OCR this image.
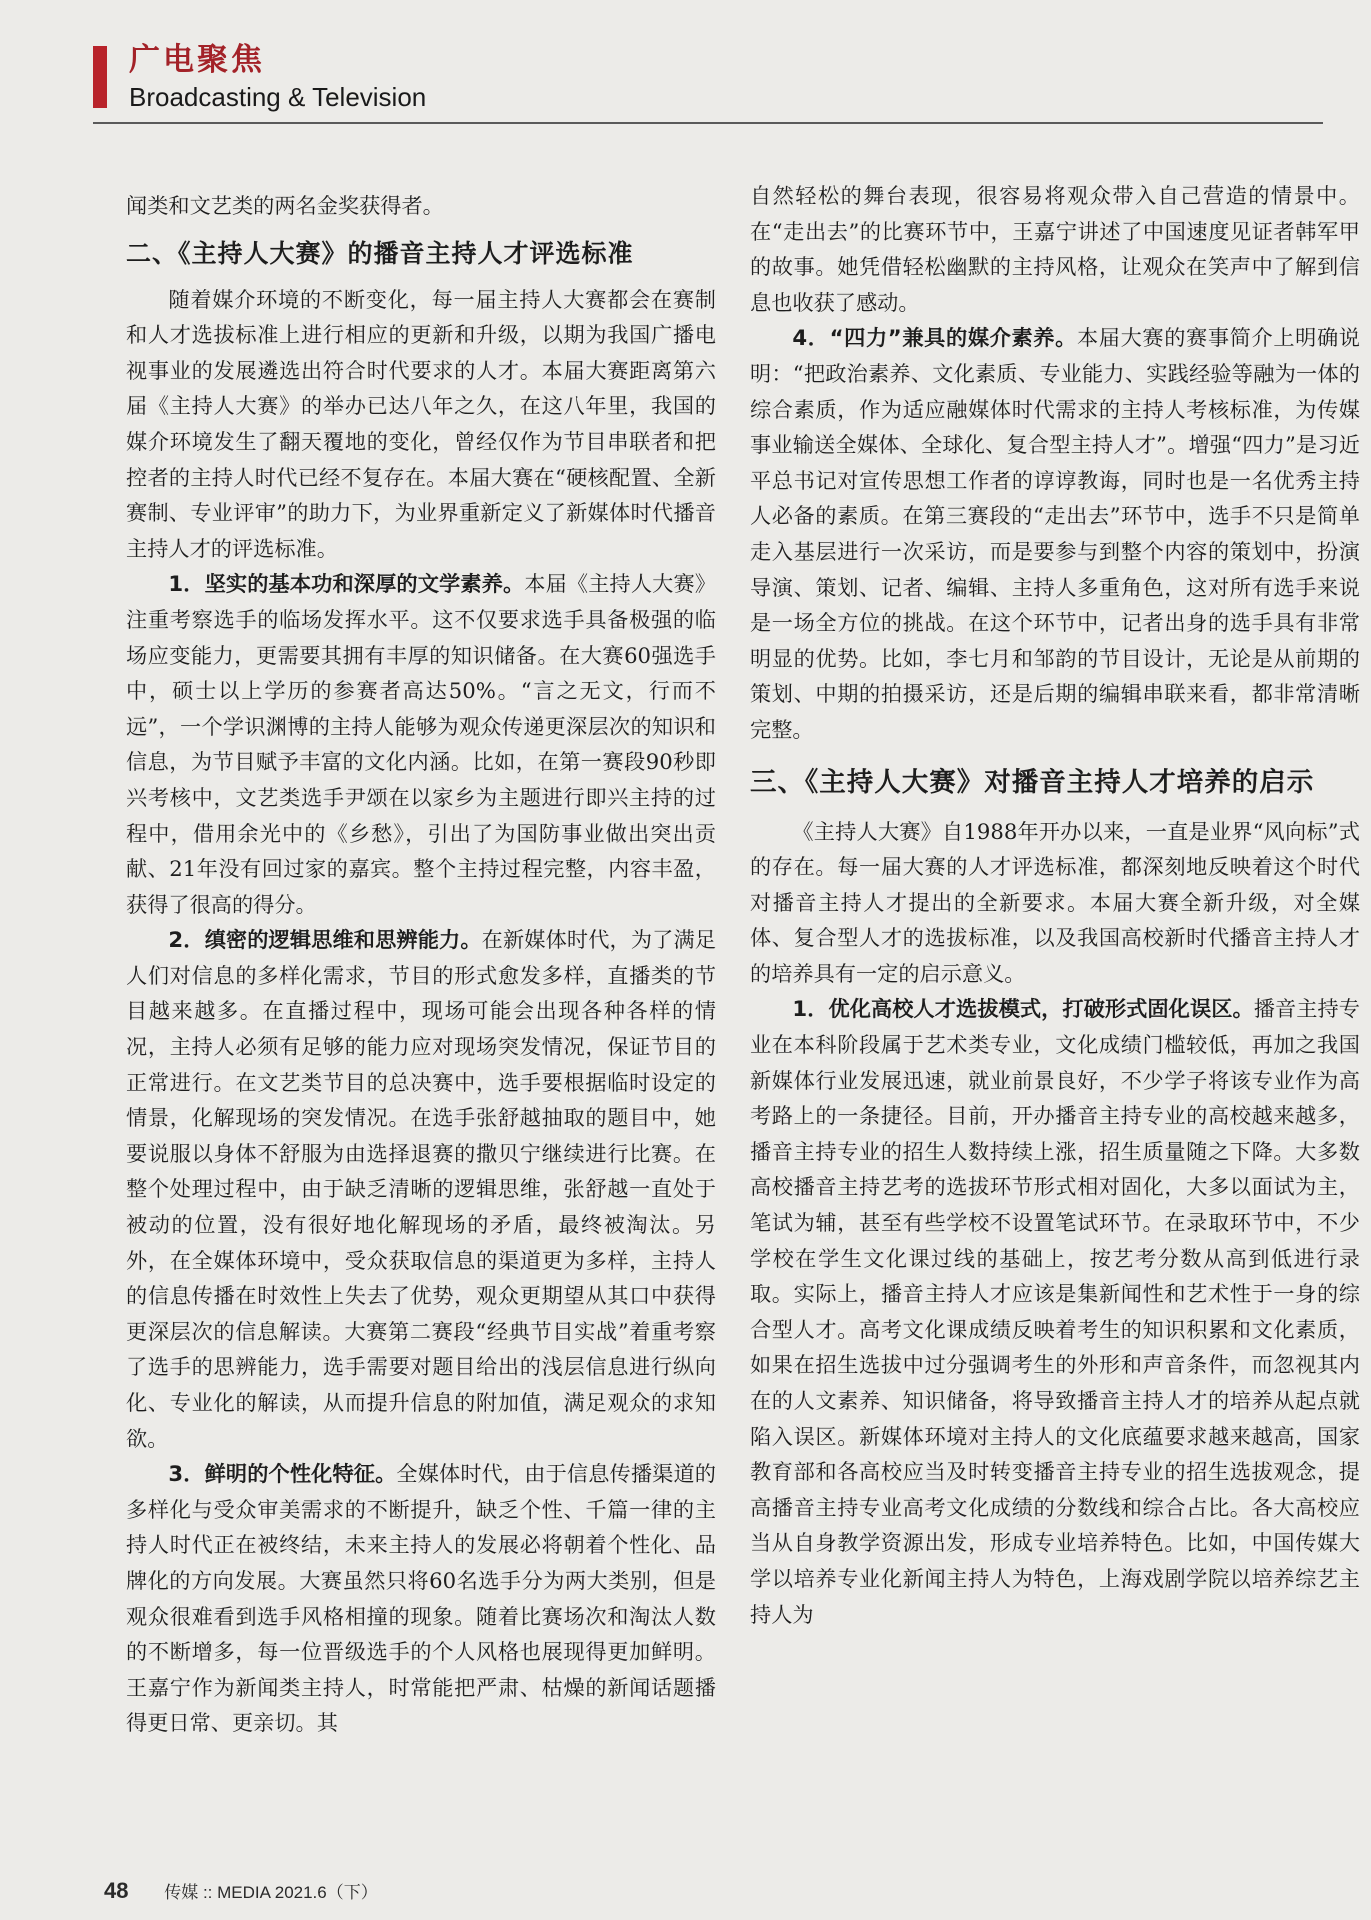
广电聚焦
Broadcasting & Television

闻类和文艺类的两名金奖获得者。

二、《主持人大赛》的播音主持人才评选标准

随着媒介环境的不断变化，每一届主持人大赛都会在赛制和人才选拔标准上进行相应的更新和升级，以期为我国广播电视事业的发展遴选出符合时代要求的人才。本届大赛距离第六届《主持人大赛》的举办已达八年之久，在这八年里，我国的媒介环境发生了翻天覆地的变化，曾经仅作为节目串联者和把控者的主持人时代已经不复存在。本届大赛在“硬核配置、全新赛制、专业评审”的助力下，为业界重新定义了新媒体时代播音主持人才的评选标准。

1．坚实的基本功和深厚的文学素养。本届《主持人大赛》注重考察选手的临场发挥水平。这不仅要求选手具备极强的临场应变能力，更需要其拥有丰厚的知识储备。在大赛60强选手中，硕士以上学历的参赛者高达50%。“言之无文，行而不远”，一个学识渊博的主持人能够为观众传递更深层次的知识和信息，为节目赋予丰富的文化内涵。比如，在第一赛段90秒即兴考核中，文艺类选手尹颂在以家乡为主题进行即兴主持的过程中，借用余光中的《乡愁》，引出了为国防事业做出突出贡献、21年没有回过家的嘉宾。整个主持过程完整，内容丰盈，获得了很高的得分。

2．缜密的逻辑思维和思辨能力。在新媒体时代，为了满足人们对信息的多样化需求，节目的形式愈发多样，直播类的节目越来越多。在直播过程中，现场可能会出现各种各样的情况，主持人必须有足够的能力应对现场突发情况，保证节目的正常进行。在文艺类节目的总决赛中，选手要根据临时设定的情景，化解现场的突发情况。在选手张舒越抽取的题目中，她要说服以身体不舒服为由选择退赛的撒贝宁继续进行比赛。在整个处理过程中，由于缺乏清晰的逻辑思维，张舒越一直处于被动的位置，没有很好地化解现场的矛盾，最终被淘汰。另外，在全媒体环境中，受众获取信息的渠道更为多样，主持人的信息传播在时效性上失去了优势，观众更期望从其口中获得更深层次的信息解读。大赛第二赛段“经典节目实战”着重考察了选手的思辨能力，选手需要对题目给出的浅层信息进行纵向化、专业化的解读，从而提升信息的附加值，满足观众的求知欲。

3．鲜明的个性化特征。全媒体时代，由于信息传播渠道的多样化与受众审美需求的不断提升，缺乏个性、千篇一律的主持人时代正在被终结，未来主持人的发展必将朝着个性化、品牌化的方向发展。大赛虽然只将60名选手分为两大类别，但是观众很难看到选手风格相撞的现象。随着比赛场次和淘汰人数的不断增多，每一位晋级选手的个人风格也展现得更加鲜明。王嘉宁作为新闻类主持人，时常能把严肃、枯燥的新闻话题播得更日常、更亲切。其

自然轻松的舞台表现，很容易将观众带入自己营造的情景中。在“走出去”的比赛环节中，王嘉宁讲述了中国速度见证者韩军甲的故事。她凭借轻松幽默的主持风格，让观众在笑声中了解到信息也收获了感动。

4．“四力”兼具的媒介素养。本届大赛的赛事简介上明确说明：“把政治素养、文化素质、专业能力、实践经验等融为一体的综合素质，作为适应融媒体时代需求的主持人考核标准，为传媒事业输送全媒体、全球化、复合型主持人才”。增强“四力”是习近平总书记对宣传思想工作者的谆谆教诲，同时也是一名优秀主持人必备的素质。在第三赛段的“走出去”环节中，选手不只是简单走入基层进行一次采访，而是要参与到整个内容的策划中，扮演导演、策划、记者、编辑、主持人多重角色，这对所有选手来说是一场全方位的挑战。在这个环节中，记者出身的选手具有非常明显的优势。比如，李七月和邹韵的节目设计，无论是从前期的策划、中期的拍摄采访，还是后期的编辑串联来看，都非常清晰完整。

三、《主持人大赛》对播音主持人才培养的启示

《主持人大赛》自1988年开办以来，一直是业界“风向标”式的存在。每一届大赛的人才评选标准，都深刻地反映着这个时代对播音主持人才提出的全新要求。本届大赛全新升级，对全媒体、复合型人才的选拔标准，以及我国高校新时代播音主持人才的培养具有一定的启示意义。

1．优化高校人才选拔模式，打破形式固化误区。播音主持专业在本科阶段属于艺术类专业，文化成绩门槛较低，再加之我国新媒体行业发展迅速，就业前景良好，不少学子将该专业作为高考路上的一条捷径。目前，开办播音主持专业的高校越来越多，播音主持专业的招生人数持续上涨，招生质量随之下降。大多数高校播音主持艺考的选拔环节形式相对固化，大多以面试为主，笔试为辅，甚至有些学校不设置笔试环节。在录取环节中，不少学校在学生文化课过线的基础上，按艺考分数从高到低进行录取。实际上，播音主持人才应该是集新闻性和艺术性于一身的综合型人才。高考文化课成绩反映着考生的知识积累和文化素质，如果在招生选拔中过分强调考生的外形和声音条件，而忽视其内在的人文素养、知识储备，将导致播音主持人才的培养从起点就陷入误区。新媒体环境对主持人的文化底蕴要求越来越高，国家教育部和各高校应当及时转变播音主持专业的招生选拔观念，提高播音主持专业高考文化成绩的分数线和综合占比。各大高校应当从自身教学资源出发，形成专业培养特色。比如，中国传媒大学以培养专业化新闻主持人为特色，上海戏剧学院以培养综艺主持人为

48 传媒 :: MEDIA 2021.6（下）
